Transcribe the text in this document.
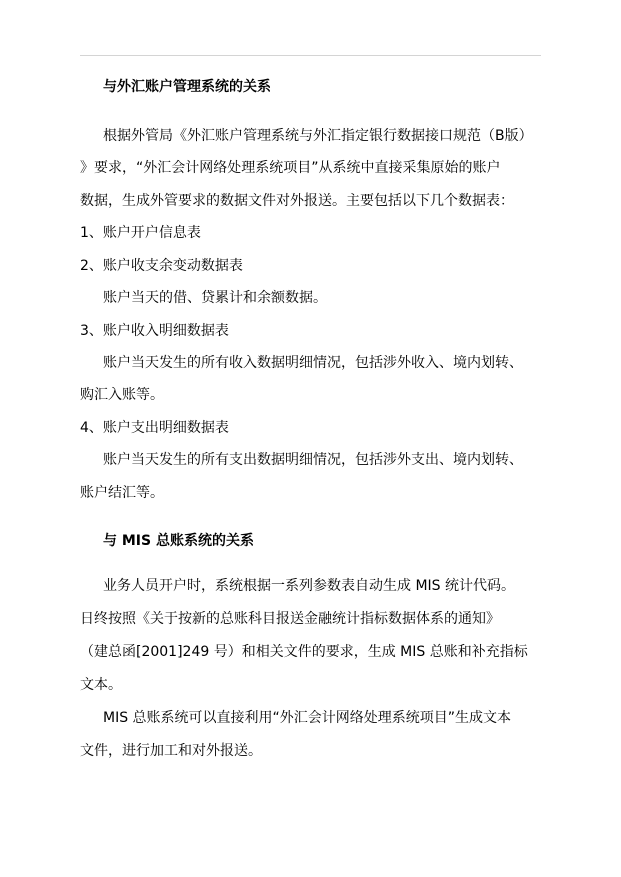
与外汇账户管理系统的关系
根据外管局《外汇账户管理系统与外汇指定银行数据接口规范（B版）
》要求，“外汇会计网络处理系统项目”从系统中直接采集原始的账户
数据，生成外管要求的数据文件对外报送。主要包括以下几个数据表：
1、账户开户信息表
2、账户收支余变动数据表
账户当天的借、贷累计和余额数据。
3、账户收入明细数据表
账户当天发生的所有收入数据明细情况，包括涉外收入、境内划转、
购汇入账等。
4、账户支出明细数据表
账户当天发生的所有支出数据明细情况，包括涉外支出、境内划转、
账户结汇等。
与 MIS 总账系统的关系
业务人员开户时，系统根据一系列参数表自动生成 MIS 统计代码。
日终按照《关于按新的总账科目报送金融统计指标数据体系的通知》
（建总函[2001]249 号）和相关文件的要求，生成 MIS 总账和补充指标
文本。
MIS 总账系统可以直接利用“外汇会计网络处理系统项目”生成文本
文件，进行加工和对外报送。
